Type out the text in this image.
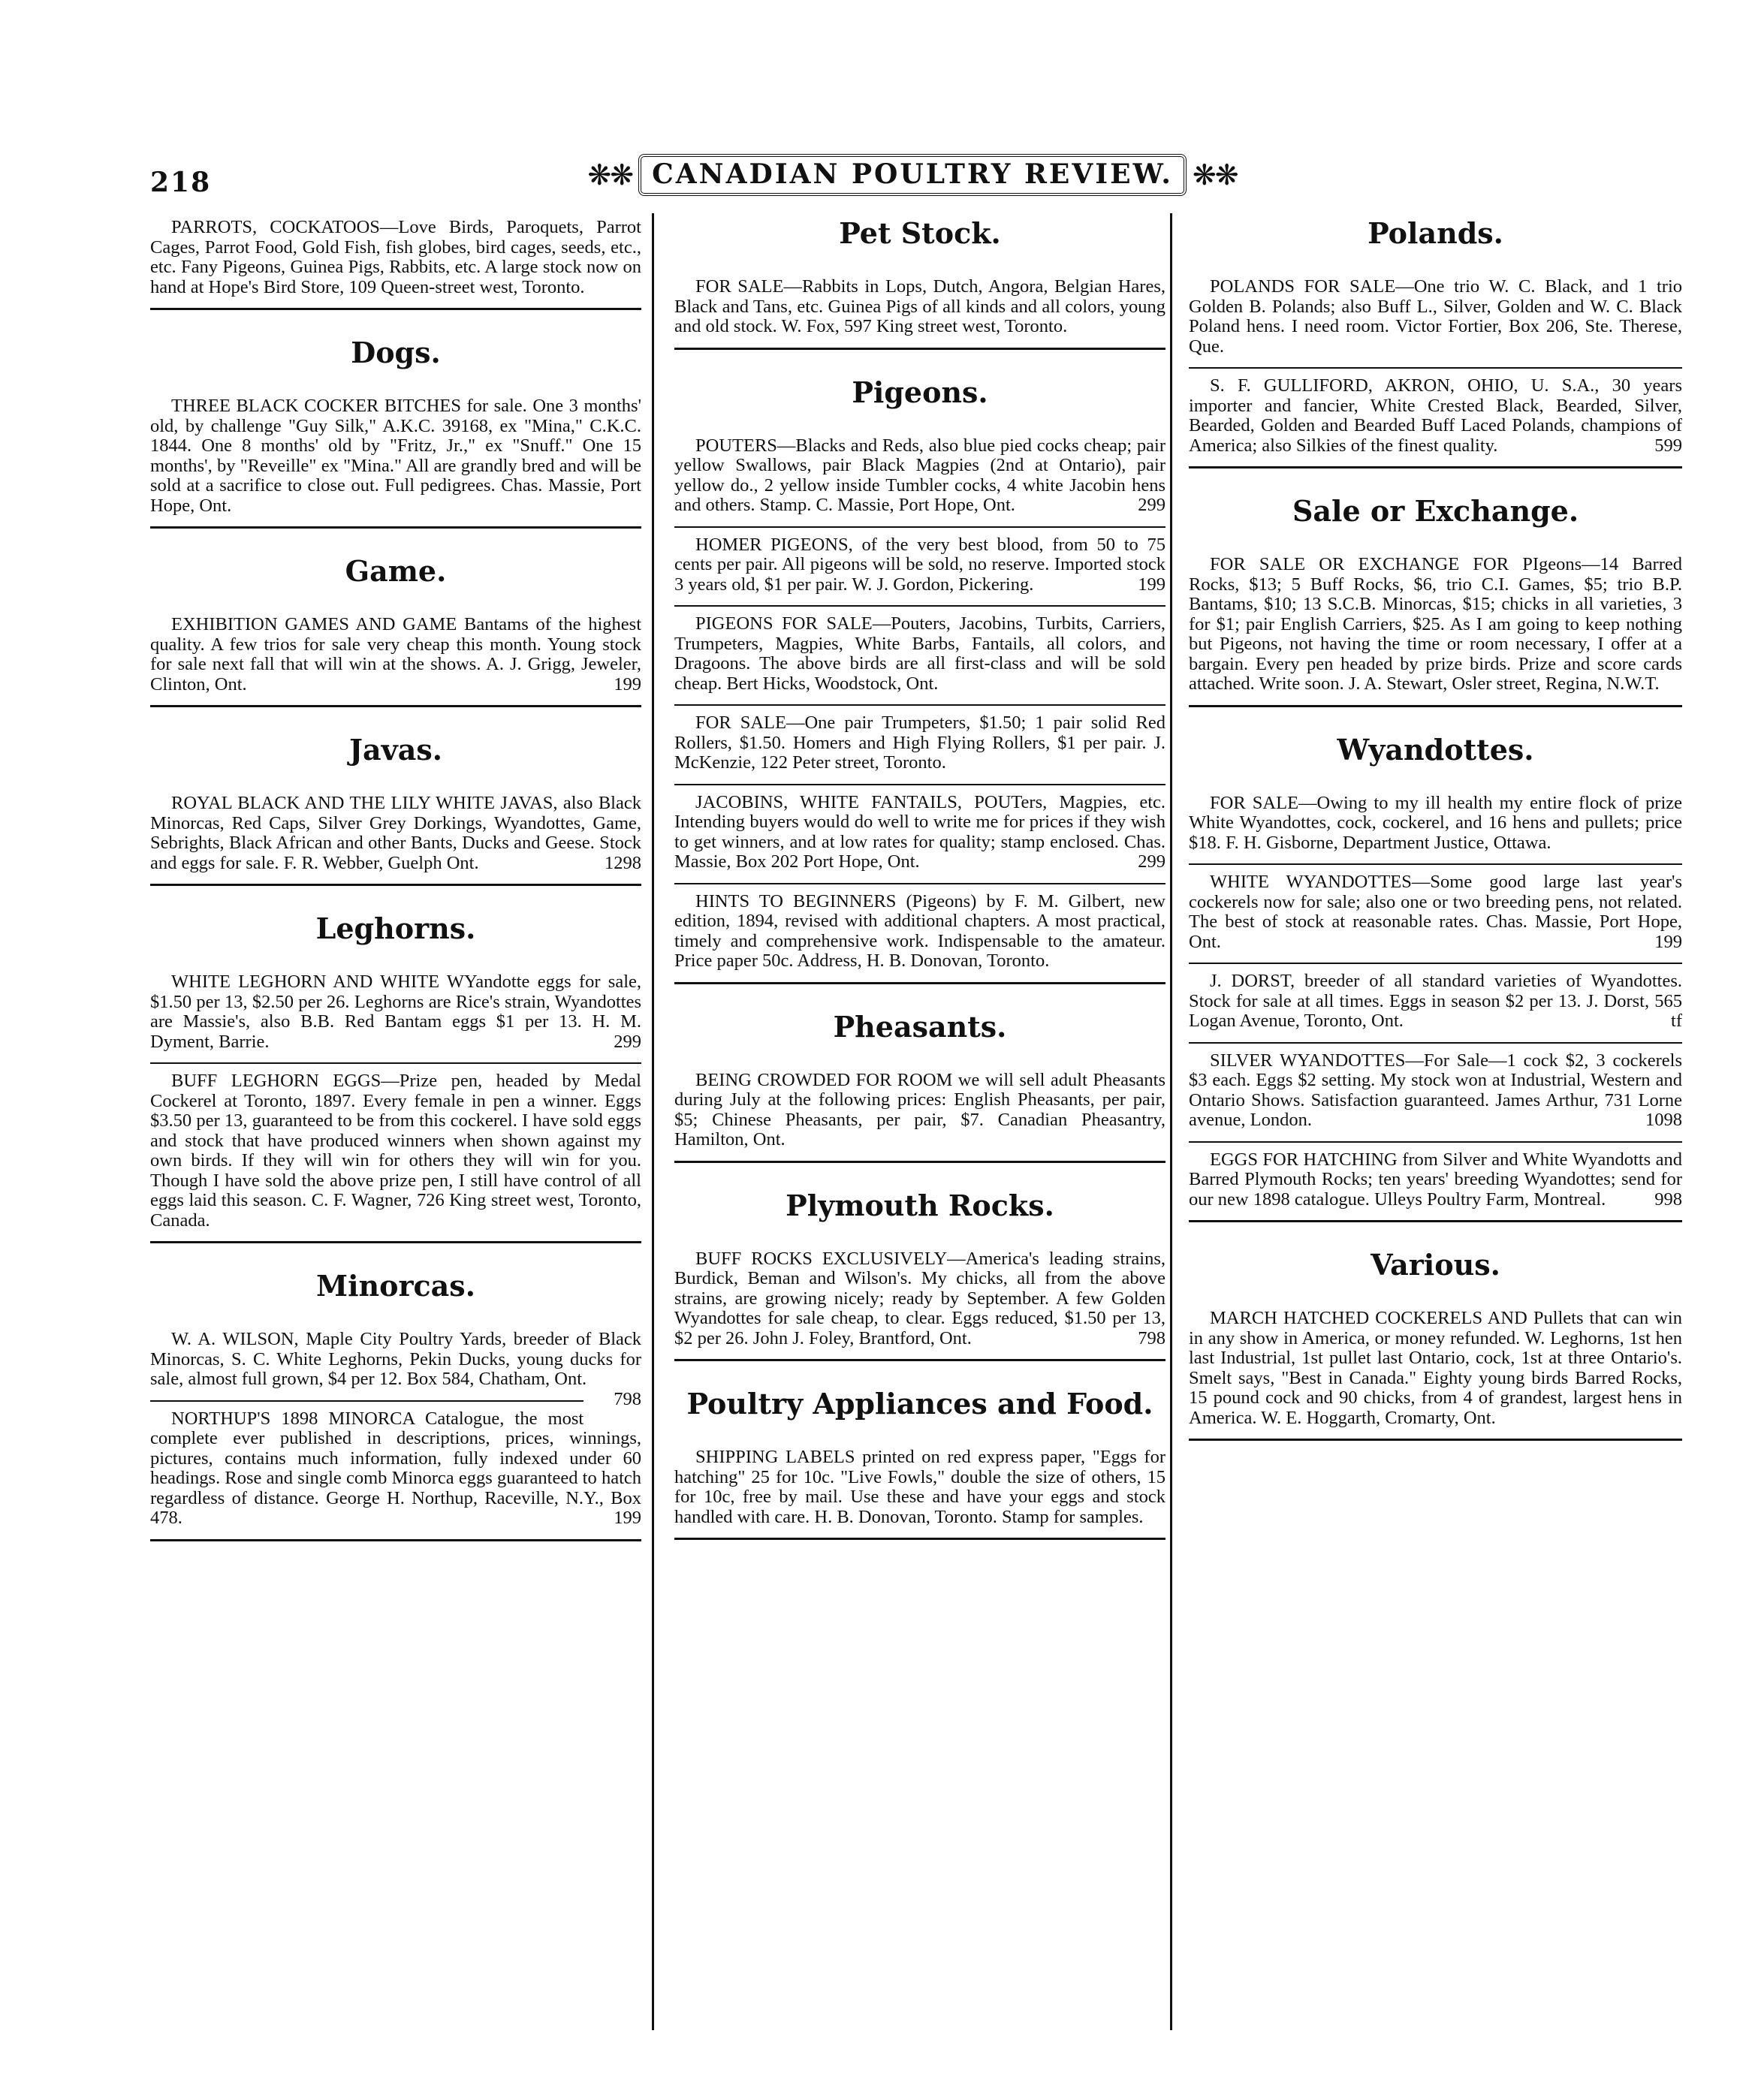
218	❋❋ CANADIAN POULTRY REVIEW. ❋❋

PARROTS, COCKATOOS—Love Birds, Paroquets, Parrot Cages, Parrot Food, Gold Fish, fish globes, bird cages, seeds, etc., etc. Fany Pigeons, Guinea Pigs, Rabbits, etc. A large stock now on hand at Hope's Bird Store, 109 Queen-street west, Toronto.

Dogs.

THREE BLACK COCKER BITCHES for sale. One 3 months' old, by challenge "Guy Silk," A.K.C. 39168, ex "Mina," C.K.C. 1844. One 8 months' old by "Fritz, Jr.," ex "Snuff." One 15 months', by "Reveille" ex "Mina." All are grandly bred and will be sold at a sacrifice to close out. Full pedigrees. Chas. Massie, Port Hope, Ont.

Game.

EXHIBITION GAMES AND GAME Bantams of the highest quality. A few trios for sale very cheap this month. Young stock for sale next fall that will win at the shows. A. J. Grigg, Jeweler, Clinton, Ont.	199

Javas.

ROYAL BLACK AND THE LILY WHITE JAVAS, also Black Minorcas, Red Caps, Silver Grey Dorkings, Wyandottes, Game, Sebrights, Black African and other Bants, Ducks and Geese. Stock and eggs for sale. F. R. Webber, Guelph Ont.	1298

Leghorns.

WHITE LEGHORN AND WHITE WYandotte eggs for sale, $1.50 per 13, $2.50 per 26. Leghorns are Rice's strain, Wyandottes are Massie's, also B.B. Red Bantam eggs $1 per 13. H. M. Dyment, Barrie.	299

BUFF LEGHORN EGGS—Prize pen, headed by Medal Cockerel at Toronto, 1897. Every female in pen a winner. Eggs $3.50 per 13, guaranteed to be from this cockerel. I have sold eggs and stock that have produced winners when shown against my own birds. If they will win for others they will win for you. Though I have sold the above prize pen, I still have control of all eggs laid this season. C. F. Wagner, 726 King street west, Toronto, Canada.

Minorcas.

W. A. WILSON, Maple City Poultry Yards, breeder of Black Minorcas, S. C. White Leghorns, Pekin Ducks, young ducks for sale, almost full grown, $4 per 12. Box 584, Chatham, Ont.
798

NORTHUP'S 1898 MINORCA Catalogue, the most complete ever published in descriptions, prices, winnings, pictures, contains much information, fully indexed under 60 headings. Rose and single comb Minorca eggs guaranteed to hatch regardless of distance. George H. Northup, Raceville, N.Y., Box 478.	199

Pet Stock.

FOR SALE—Rabbits in Lops, Dutch, Angora, Belgian Hares, Black and Tans, etc. Guinea Pigs of all kinds and all colors, young and old stock. W. Fox, 597 King street west, Toronto.

Pigeons.

POUTERS—Blacks and Reds, also blue pied cocks cheap; pair yellow Swallows, pair Black Magpies (2nd at Ontario), pair yellow do., 2 yellow inside Tumbler cocks, 4 white Jacobin hens and others. Stamp. C. Massie, Port Hope, Ont.	299

HOMER PIGEONS, of the very best blood, from 50 to 75 cents per pair. All pigeons will be sold, no reserve. Imported stock 3 years old, $1 per pair. W. J. Gordon, Pickering.	199

PIGEONS FOR SALE—Pouters, Jacobins, Turbits, Carriers, Trumpeters, Magpies, White Barbs, Fantails, all colors, and Dragoons. The above birds are all first-class and will be sold cheap. Bert Hicks, Woodstock, Ont.

FOR SALE—One pair Trumpeters, $1.50; 1 pair solid Red Rollers, $1.50. Homers and High Flying Rollers, $1 per pair. J. McKenzie, 122 Peter street, Toronto.

JACOBINS, WHITE FANTAILS, POUTers, Magpies, etc. Intending buyers would do well to write me for prices if they wish to get winners, and at low rates for quality; stamp enclosed. Chas. Massie, Box 202 Port Hope, Ont.	299

HINTS TO BEGINNERS (Pigeons) by F. M. Gilbert, new edition, 1894, revised with additional chapters. A most practical, timely and comprehensive work. Indispensable to the amateur. Price paper 50c. Address, H. B. Donovan, Toronto.

Pheasants.

BEING CROWDED FOR ROOM we will sell adult Pheasants during July at the following prices: English Pheasants, per pair, $5; Chinese Pheasants, per pair, $7. Canadian Pheasantry, Hamilton, Ont.

Plymouth Rocks.

BUFF ROCKS EXCLUSIVELY—America's leading strains, Burdick, Beman and Wilson's. My chicks, all from the above strains, are growing nicely; ready by September. A few Golden Wyandottes for sale cheap, to clear. Eggs reduced, $1.50 per 13, $2 per 26. John J. Foley, Brantford, Ont.	798

Poultry Appliances and Food.

SHIPPING LABELS printed on red express paper, "Eggs for hatching" 25 for 10c. "Live Fowls," double the size of others, 15 for 10c, free by mail. Use these and have your eggs and stock handled with care. H. B. Donovan, Toronto. Stamp for samples.

Polands.

POLANDS FOR SALE—One trio W. C. Black, and 1 trio Golden B. Polands; also Buff L., Silver, Golden and W. C. Black Poland hens. I need room. Victor Fortier, Box 206, Ste. Therese, Que.

S. F. GULLIFORD, AKRON, OHIO, U. S.A., 30 years importer and fancier, White Crested Black, Bearded, Silver, Bearded, Golden and Bearded Buff Laced Polands, champions of America; also Silkies of the finest quality.	599

Sale or Exchange.

FOR SALE OR EXCHANGE FOR PIgeons—14 Barred Rocks, $13; 5 Buff Rocks, $6, trio C.I. Games, $5; trio B.P. Bantams, $10; 13 S.C.B. Minorcas, $15; chicks in all varieties, 3 for $1; pair English Carriers, $25. As I am going to keep nothing but Pigeons, not having the time or room necessary, I offer at a bargain. Every pen headed by prize birds. Prize and score cards attached. Write soon. J. A. Stewart, Osler street, Regina, N.W.T.

Wyandottes.

FOR SALE—Owing to my ill health my entire flock of prize White Wyandottes, cock, cockerel, and 16 hens and pullets; price $18. F. H. Gisborne, Department Justice, Ottawa.

WHITE WYANDOTTES—Some good large last year's cockerels now for sale; also one or two breeding pens, not related. The best of stock at reasonable rates. Chas. Massie, Port Hope, Ont.	199

J. DORST, breeder of all standard varieties of Wyandottes. Stock for sale at all times. Eggs in season $2 per 13. J. Dorst, 565 Logan Avenue, Toronto, Ont.	tf

SILVER WYANDOTTES—For Sale—1 cock $2, 3 cockerels $3 each. Eggs $2 setting. My stock won at Industrial, Western and Ontario Shows. Satisfaction guaranteed. James Arthur, 731 Lorne avenue, London.	1098

EGGS FOR HATCHING from Silver and White Wyandotts and Barred Plymouth Rocks; ten years' breeding Wyandottes; send for our new 1898 catalogue. Ulleys Poultry Farm, Montreal.	998

Various.

MARCH HATCHED COCKERELS AND Pullets that can win in any show in America, or money refunded. W. Leghorns, 1st hen last Industrial, 1st pullet last Ontario, cock, 1st at three Ontario's. Smelt says, "Best in Canada." Eighty young birds Barred Rocks, 15 pound cock and 90 chicks, from 4 of grandest, largest hens in America. W. E. Hoggarth, Cromarty, Ont.
